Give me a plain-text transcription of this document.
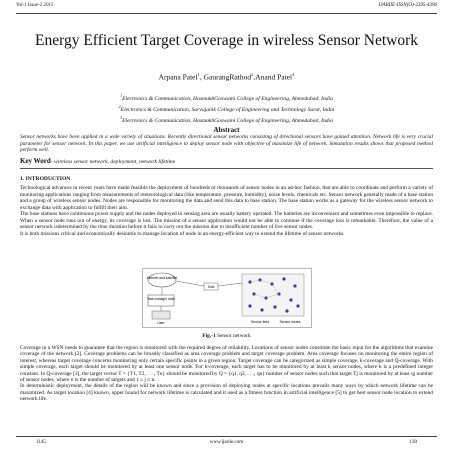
Vol-1 Issue-2 2015	IJARIIE-ISSN(O)-2395-4396
Energy Efficient Target Coverage in wireless Sensor Network
Arpana Patel$^1$, GaurangRathod$^2$,Anand Patel$^3$
$^1$Electronics & Communication, HasmukhGoswami College of Engineering, Ahmedabad, India
$^2$Electronics & Communication, Sarvajanik College of Engineering and Technology Surat, India
$^3$Electronics & Communication, HasmukhGoswami College of Engineering, Ahmedabad, India
Abstract
Sensor networks have been applied in a wide variety of situations. Recently directional sensor networks consisting of directional sensors have gained attention. Network life is very crucial parameter for sensor network. In this paper, we use artificial intelligence to deploy sensor node with objective of maximize life of network. Simulation results shows that proposed method perform well.
Key Word- wireless sensor network, deployment, network lifetime
1. INTRODUCTION

Technological advances in recent years have made feasible the deployment of hundreds or thousands of sensor nodes in an ad-hoc fashion, that are able to coordinate and perform a variety of monitoring applications ranging from measurements of meteorological data (like temperature, pressure, humidity), noise levels, chemicals etc. Sensor network generally made of a base station and a group of wireless sensor nodes. Nodes are responsible for monitoring the data and send this data to base station. The base station works as a gateway for the wireless sensor network to exchange data with application to fulfill their aim.

The base stations have continuous power supply and the nodes deployed in sensing area are usually battery operated. The batteries are inconvenient and sometimes even impossible to replace. When a sensor node runs out of energy, its coverage is lost. The mission of a sensor application would not be able to continue if the coverage loss is remarkable. Therefore, the value of a sensor network isdetermined by the time duration before it fails to carry out the mission due to insufficient number of live sensor nodes.

It is both missions critical and economically desirable to manage location of node in an energy-efficient way to extend the lifetime of sensor networks.

Internet and satellite
Task manager node
User
Sink
Sensor field	Sensor nodes
Fig.-1 Sensor network

Coverage in a WSN needs to guarantee that the region is monitored with the required degree of reliability. Locations of sensor nodes constitute the basic input for the algorithms that examine coverage of the network [2]. Coverage problems can be broadly classified as area coverage problem and target coverage problem. Area coverage focuses on monitoring the entire region of interest, whereas target coverage concerns monitoring only certain specific points in a given region. Target coverage can be categorized as simple coverage, k-coverage and Q-coverage. With simple coverage, each target should be monitored by at least one sensor node. For k-coverage, each target has to be monitored by at least k sensor nodes, where k is a predefined integer constant. In Q-coverage [3], the target vector T = {T1, T2, . . ., Tn} should be monitored by Q = {q1, q2, . . ., qn} number of sensor nodes such that target Tj is monitored by at least qj number of sensor nodes, where n is the number of targets and 1 ≤ j ≤ n.

In deterministic deployment, the details of the region will be known and since a provision of deploying nodes at specific locations prevails many ways by which network lifetime can be maximized. As target location [4] known, upper bound for network lifetime is calculated and it used as a fitness function in artificial intelligence [5] to get best sensor node location to extend network life.

1145	www.ijariie.com	130
